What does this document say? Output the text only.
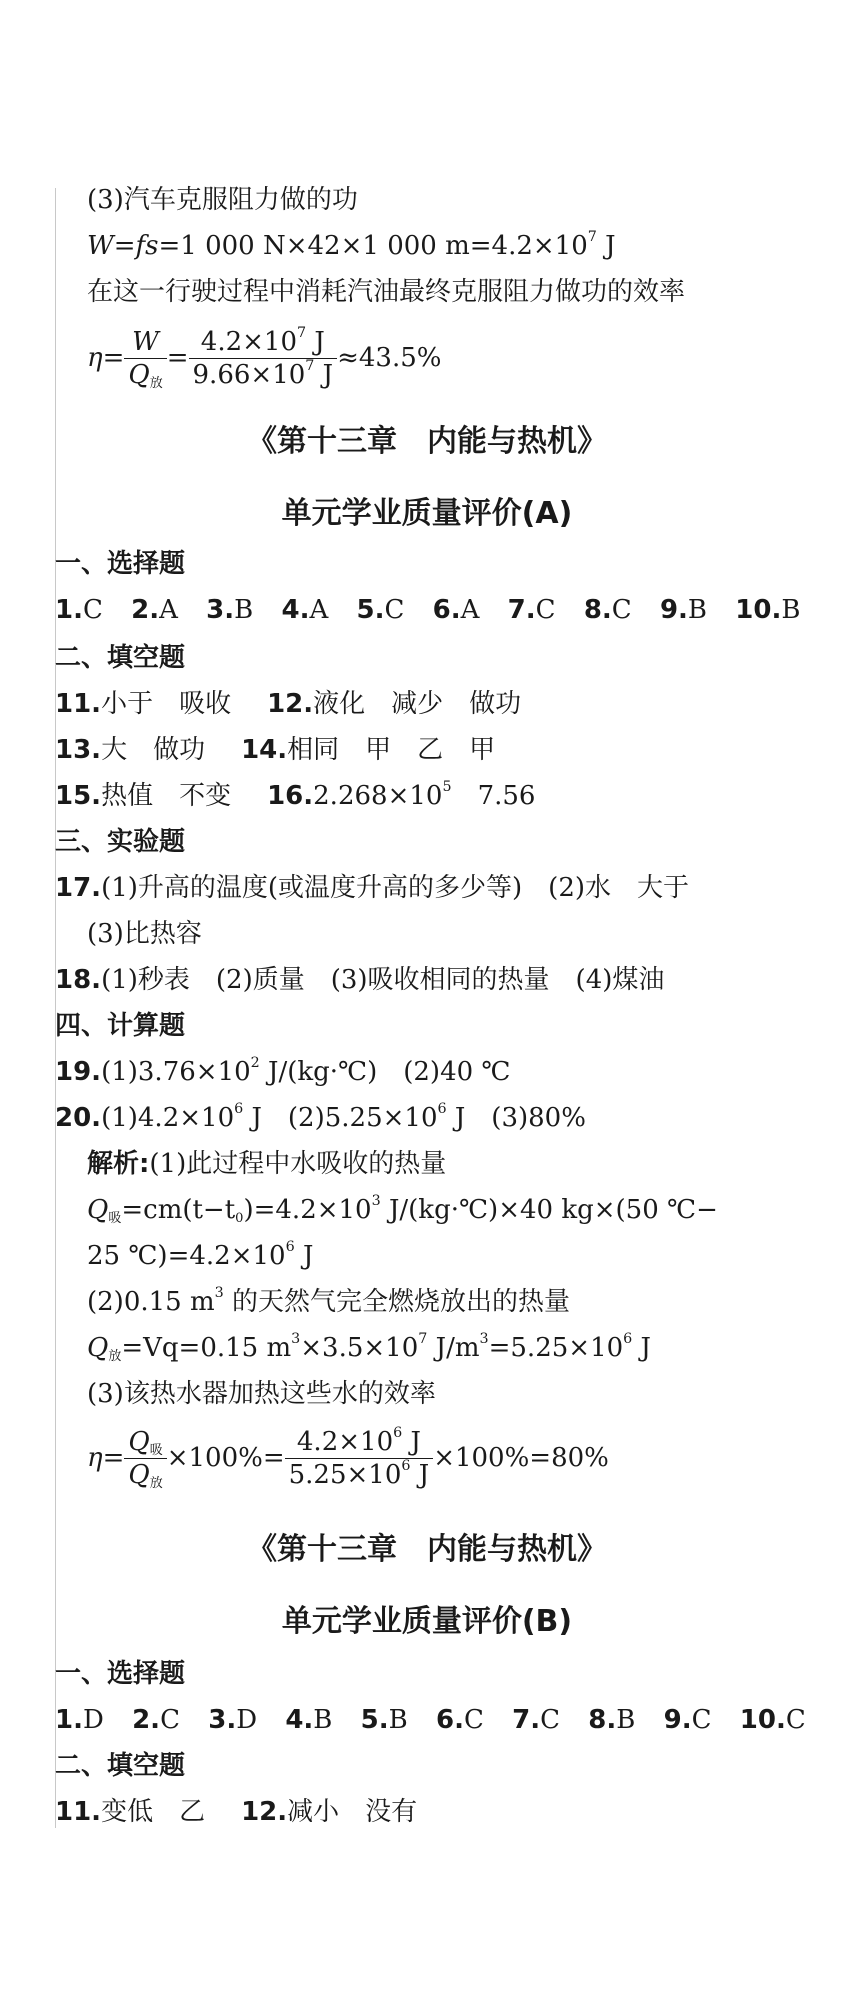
(3)汽车克服阻力做的功
W=fs=1 000 N×42×1 000 $m=4.2\times 10^7$ J
在这一行驶过程中消耗汽油最终克服阻力做功的效率
$\eta = \frac{W}{Q_放} = \frac{4.2\times 10^7 J}{9.66\times 10^7 J} \approx 43.5\%$
《第十三章　内能与热机》
单元学业质量评价(A)
一、选择题
1.C 2.A 3.B 4.A 5.C 6.A 7.C 8.C 9.B 10.B
二、填空题
11.小于　吸收 12.液化　减少　做功
13.大　做功 14.相同　甲　乙　甲
15.热值　不变 $16.2.268\times 10^5$　7.56
三、实验题
17.(1)升高的温度(或温度升高的多少等)　(2)水　大于
(3)比热容
18.(1)秒表　(2)质量　(3)吸收相同的热量　(4)煤油
四、计算题
$19.(1)3.76\times 10^2$ J/(kg·℃)　(2)40 ℃
$20.(1)4.2\times 10^6$ J　$(2)5.25\times 10^6$ J　(3)80%
解析:(1)此过程中水吸收的热量
$Q_吸=cm(t-t_0)=4.2\times 10^3$ J/(kg·℃)×40 kg×(50 ℃−
25 $℃)=4.2\times 10^6$ J
(2)0.15 $m^3$ 的天然气完全燃烧放出的热量
$Q_放=Vq=0.15$ $m^3\times 3.5\times 10^7$ $J/m^3=5.25\times 10^6$ J
(3)该热水器加热这些水的效率
$\eta = \frac{Q_吸}{Q_放} \times 100\%= \frac{4.2\times 10^6 J}{5.25\times 10^6 J} \times 100\%=80\%$
《第十三章　内能与热机》
单元学业质量评价(B)
一、选择题
1.D 2.C 3.D 4.B 5.B 6.C 7.C 8.B 9.C 10.C
二、填空题
11.变低　乙 12.减小　没有
